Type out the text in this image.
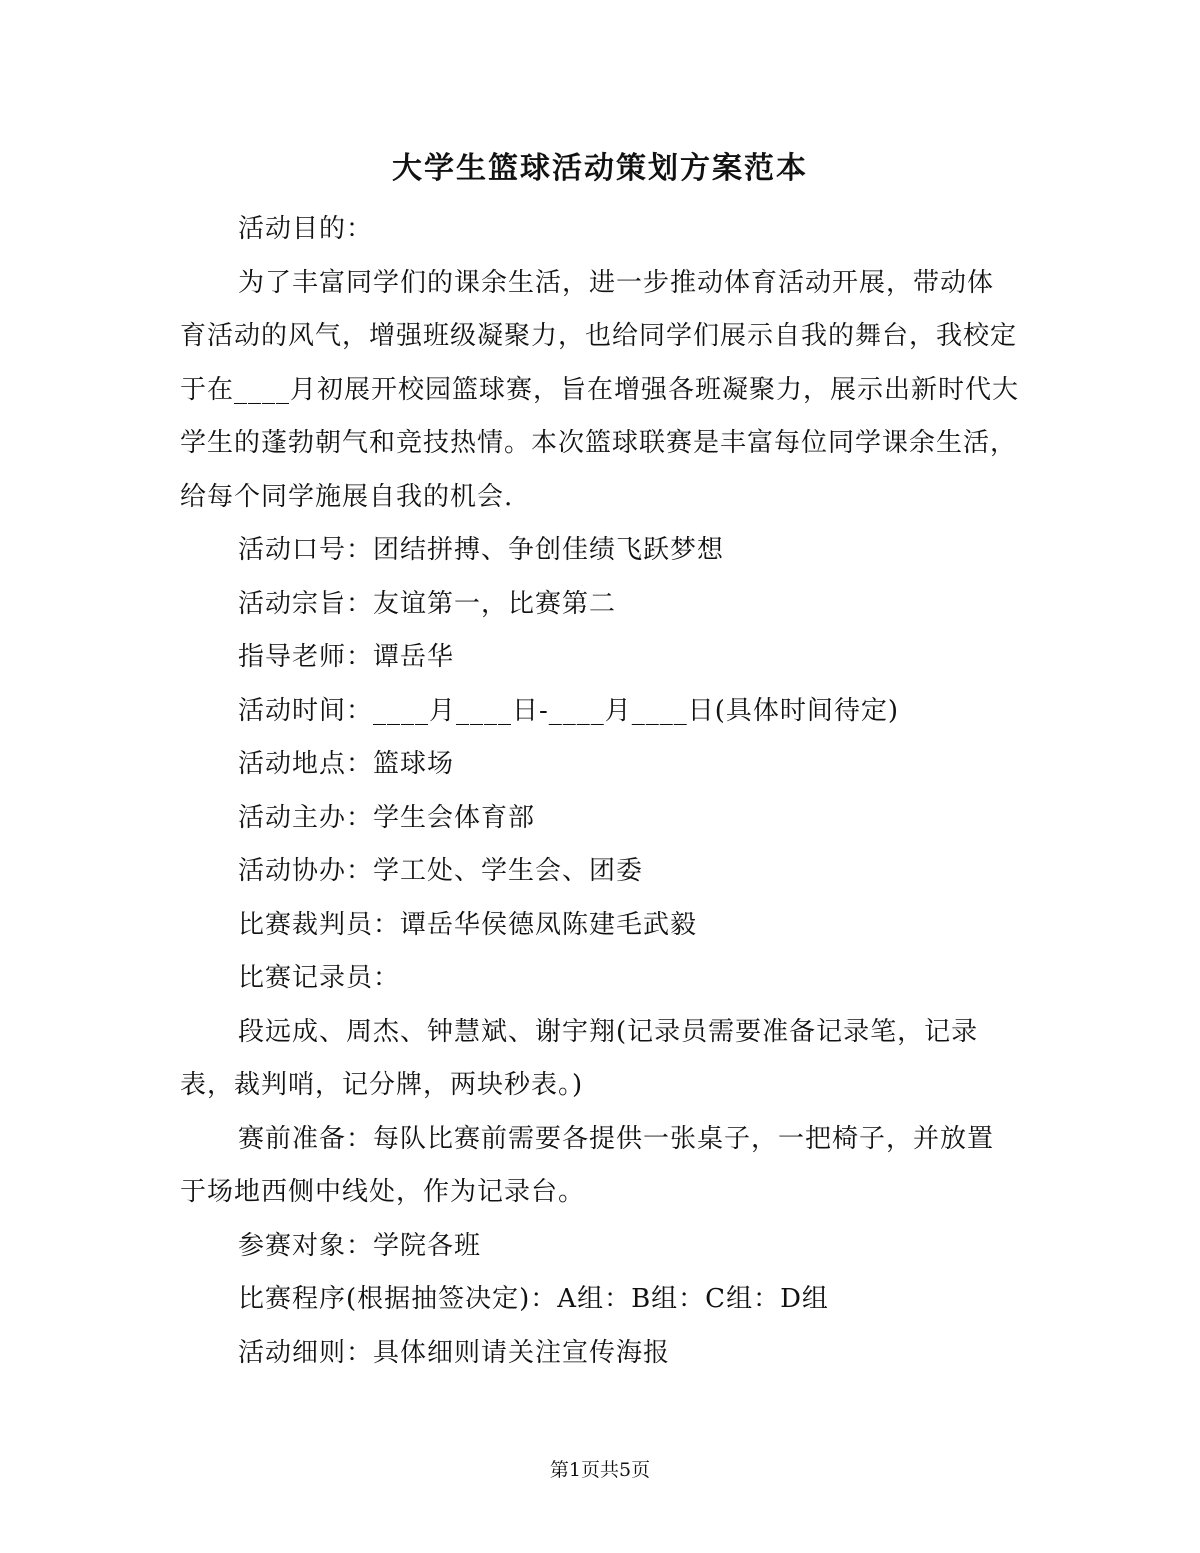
大学生篮球活动策划方案范本

活动目的：

为了丰富同学们的课余生活，进一步推动体育活动开展，带动体育活动的风气，增强班级凝聚力，也给同学们展示自我的舞台，我校定于在____月初展开校园篮球赛，旨在增强各班凝聚力，展示出新时代大学生的蓬勃朝气和竞技热情。本次篮球联赛是丰富每位同学课余生活，给每个同学施展自我的机会.

活动口号：团结拼搏、争创佳绩飞跃梦想

活动宗旨：友谊第一，比赛第二

指导老师：谭岳华

活动时间：____月____日-____月____日(具体时间待定)

活动地点：篮球场

活动主办：学生会体育部

活动协办：学工处、学生会、团委

比赛裁判员：谭岳华侯德凤陈建毛武毅

比赛记录员：

段远成、周杰、钟慧斌、谢宇翔(记录员需要准备记录笔，记录表，裁判哨，记分牌，两块秒表。)

赛前准备：每队比赛前需要各提供一张桌子，一把椅子，并放置于场地西侧中线处，作为记录台。

参赛对象：学院各班

比赛程序(根据抽签决定)：A组：B组：C组：D组

活动细则：具体细则请关注宣传海报

第1页共5页
